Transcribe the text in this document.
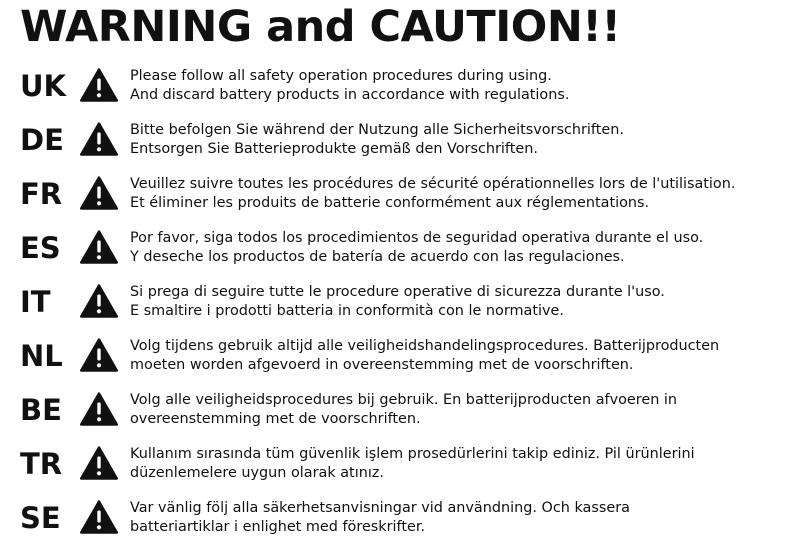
WARNING and CAUTION!!
UK	Please follow all safety operation procedures during using.
And discard battery products in accordance with regulations.
DE	Bitte befolgen Sie während der Nutzung alle Sicherheitsvorschriften.
Entsorgen Sie Batterieprodukte gemäß den Vorschriften.
FR	Veuillez suivre toutes les procédures de sécurité opérationnelles lors de l'utilisation.
Et éliminer les produits de batterie conformément aux réglementations.
ES	Por favor, siga todos los procedimientos de seguridad operativa durante el uso.
Y deseche los productos de batería de acuerdo con las regulaciones.
IT	Si prega di seguire tutte le procedure operative di sicurezza durante l'uso.
E smaltire i prodotti batteria in conformità con le normative.
NL	Volg tijdens gebruik altijd alle veiligheidshandelingsprocedures. Batterijproducten
moeten worden afgevoerd in overeenstemming met de voorschriften.
BE	Volg alle veiligheidsprocedures bij gebruik. En batterijproducten afvoeren in
overeenstemming met de voorschriften.
TR	Kullanım sırasında tüm güvenlik işlem prosedürlerini takip ediniz. Pil ürünlerini
düzenlemelere uygun olarak atınız.
SE	Var vänlig följ alla säkerhetsanvisningar vid användning. Och kassera
batteriartiklar i enlighet med föreskrifter.
